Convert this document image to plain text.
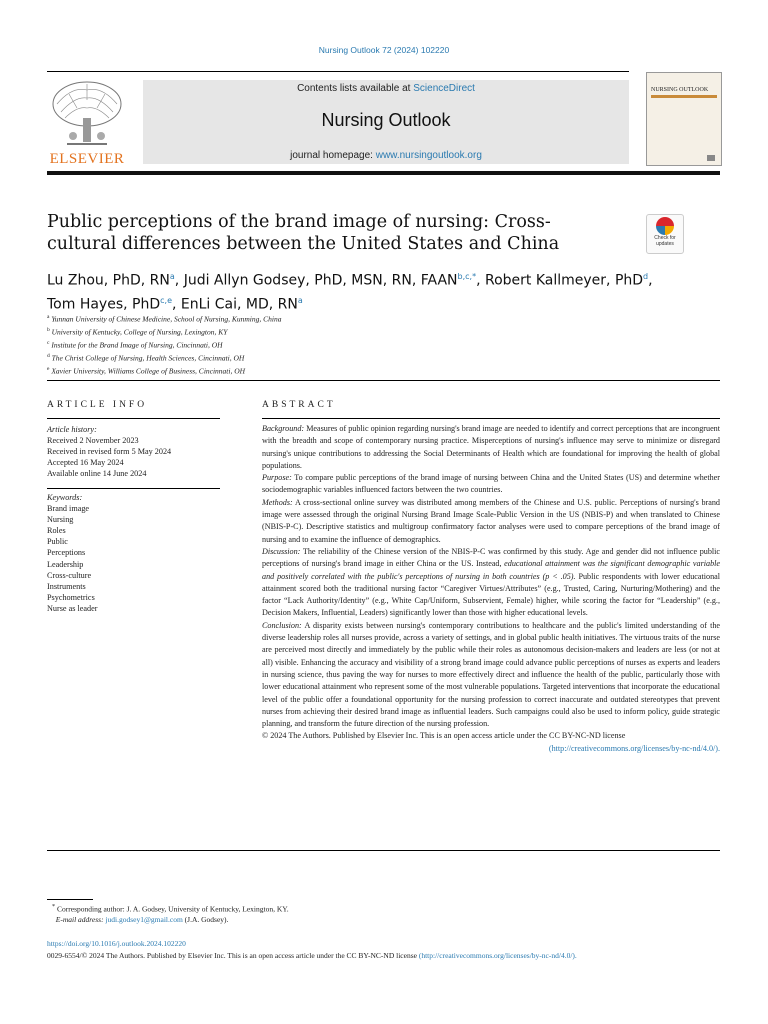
Nursing Outlook 72 (2024) 102220
ELSEVIER
Contents lists available at ScienceDirect
Nursing Outlook
journal homepage: www.nursingoutlook.org
NURSING OUTLOOK
Public perceptions of the brand image of nursing: Cross-cultural differences between the United States and China	Check for
updates
Lu Zhou, PhD, $RN^a$, Judi Allyn Godsey, PhD, MSN, RN, $FAAN^{b,c,*}$, Robert Kallmeyer, PhD$^d$,
Tom Hayes, PhD$^{c,e}$, EnLi Cai, MD, $RN^a$
$^a$ Yunnan University of Chinese Medicine, School of Nursing, Kunming, China
$^b$ University of Kentucky, College of Nursing, Lexington, KY
$^c$ Institute for the Brand Image of Nursing, Cincinnati, OH
$^d$ The Christ College of Nursing, Health Sciences, Cincinnati, OH
$^e$ Xavier University, Williams College of Business, Cincinnati, OH
ARTICLE INFO
Article history:
Received 2 November 2023
Received in revised form 5 May 2024
Accepted 16 May 2024
Available online 14 June 2024
Keywords:
Brand image
Nursing
Roles
Public
Perceptions
Leadership
Cross-culture
Instruments
Psychometrics
Nurse as leader
ABSTRACT

Background: Measures of public opinion regarding nursing's brand image are needed to identify and correct perceptions that are incongruent with the breadth and scope of contemporary nursing practice. Misperceptions of nursing's influence may serve to minimize or disregard nursing's unique contributions to addressing the Social Determinants of Health which are foundational for improving the health of global populations.

Purpose: To compare public perceptions of the brand image of nursing between China and the United States (US) and determine whether sociodemographic variables influenced factors between the two countries.

Methods: A cross-sectional online survey was distributed among members of the Chinese and U.S. public. Perceptions of nursing's brand image were assessed through the original Nursing Brand Image Scale-Public Version in the US (NBIS-P) and when translated to Chinese (NBIS-P-C). Descriptive statistics and multigroup confirmatory factor analyses were used to compare perceptions of the brand image of nursing and to examine the influence of demographics.

Discussion: The reliability of the Chinese version of the NBIS-P-C was confirmed by this study. Age and gender did not influence public perceptions of nursing's brand image in either China or the US. Instead, educational attainment was the significant demographic variable and positively correlated with the public's perceptions of nursing in both countries (p < .05). Public respondents with lower educational attainment scored both the traditional nursing factor “Caregiver Virtues/Attributes” (e.g., Trusted, Caring, Nurturing/Mothering) and the factor “Lack Authority/Identity” (e.g., White Cap/Uniform, Subservient, Female) higher, while scoring the factor for “Leadership” (e.g., Decision Makers, Influential, Leaders) significantly lower than those with higher educational levels.

Conclusion: A disparity exists between nursing's contemporary contributions to healthcare and the public's limited understanding of the diverse leadership roles all nurses provide, across a variety of settings, and in global public health initiatives. The virtuous traits of the nurse are perceived most directly and immediately by the public while their roles as autonomous decision-makers and leaders are less (or not at all) visible. Enhancing the accuracy and visibility of a strong brand image could advance public perceptions of nurses as experts and leaders in nursing science, thus paving the way for nurses to more effectively direct and influence the health of the public, particularly those with lower educational attainment who represent some of the most vulnerable populations. Targeted interventions that incorporate the educational level of the public offer a foundational opportunity for the nursing profession to correct inaccurate and outdated stereotypes that prevent nurses from achieving their desired brand image as influential leaders. Such campaigns could also be used to inform policy, guide strategic planning, and transform the future direction of the nursing profession.

© 2024 The Authors. Published by Elsevier Inc. This is an open access article under the CC BY-NC-ND license

(http://creativecommons.org/licenses/by-nc-nd/4.0/).

* Corresponding author: J. A. Godsey, University of Kentucky, Lexington, KY.
E-mail address: judi.godsey1@gmail.com (J.A. Godsey).
https://doi.org/10.1016/j.outlook.2024.102220
0029-6554/© 2024 The Authors. Published by Elsevier Inc. This is an open access article under the CC BY-NC-ND license (http://creativecommons.org/licenses/by-nc-nd/4.0/).
